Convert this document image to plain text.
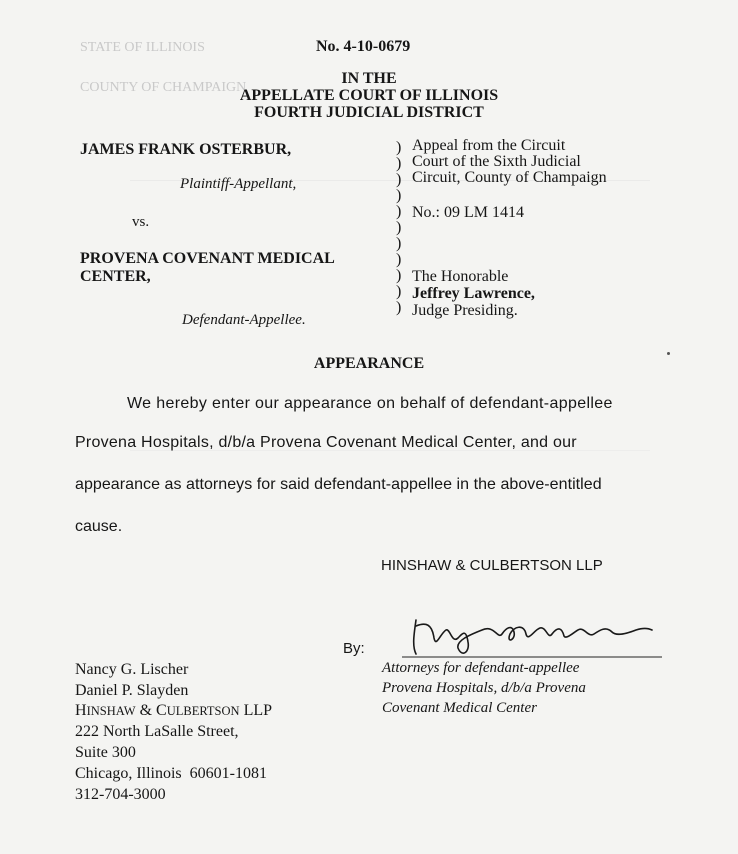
STATE OF ILLINOIS
COUNTY OF CHAMPAIGN
No. 4-10-0679
IN THE
APPELLATE COURT OF ILLINOIS
FOURTH JUDICIAL DISTRICT
JAMES FRANK OSTERBUR,
Plaintiff-Appellant,
vs.
PROVENA COVENANT MEDICAL
CENTER,
Defendant-Appellee.
)
)
)
)
)
)
)
)
)
)
)
Appeal from the Circuit
Court of the Sixth Judicial
Circuit, County of Champaign
No.: 09 LM 1414
The Honorable
Jeffrey Lawrence,
Judge Presiding.
APPEARANCE
We hereby enter our appearance on behalf of defendant-appellee
Provena Hospitals, d/b/a Provena Covenant Medical Center, and our
appearance as attorneys for said defendant-appellee in the above-entitled
cause.
HINSHAW & CULBERTSON LLP
By:
Attorneys for defendant-appellee
Provena Hospitals, d/b/a Provena
Covenant Medical Center
Nancy G. Lischer
Daniel P. Slayden
HINSHAW & CULBERTSON LLP
222 North LaSalle Street,
Suite 300
Chicago, Illinois  60601-1081
312-704-3000
